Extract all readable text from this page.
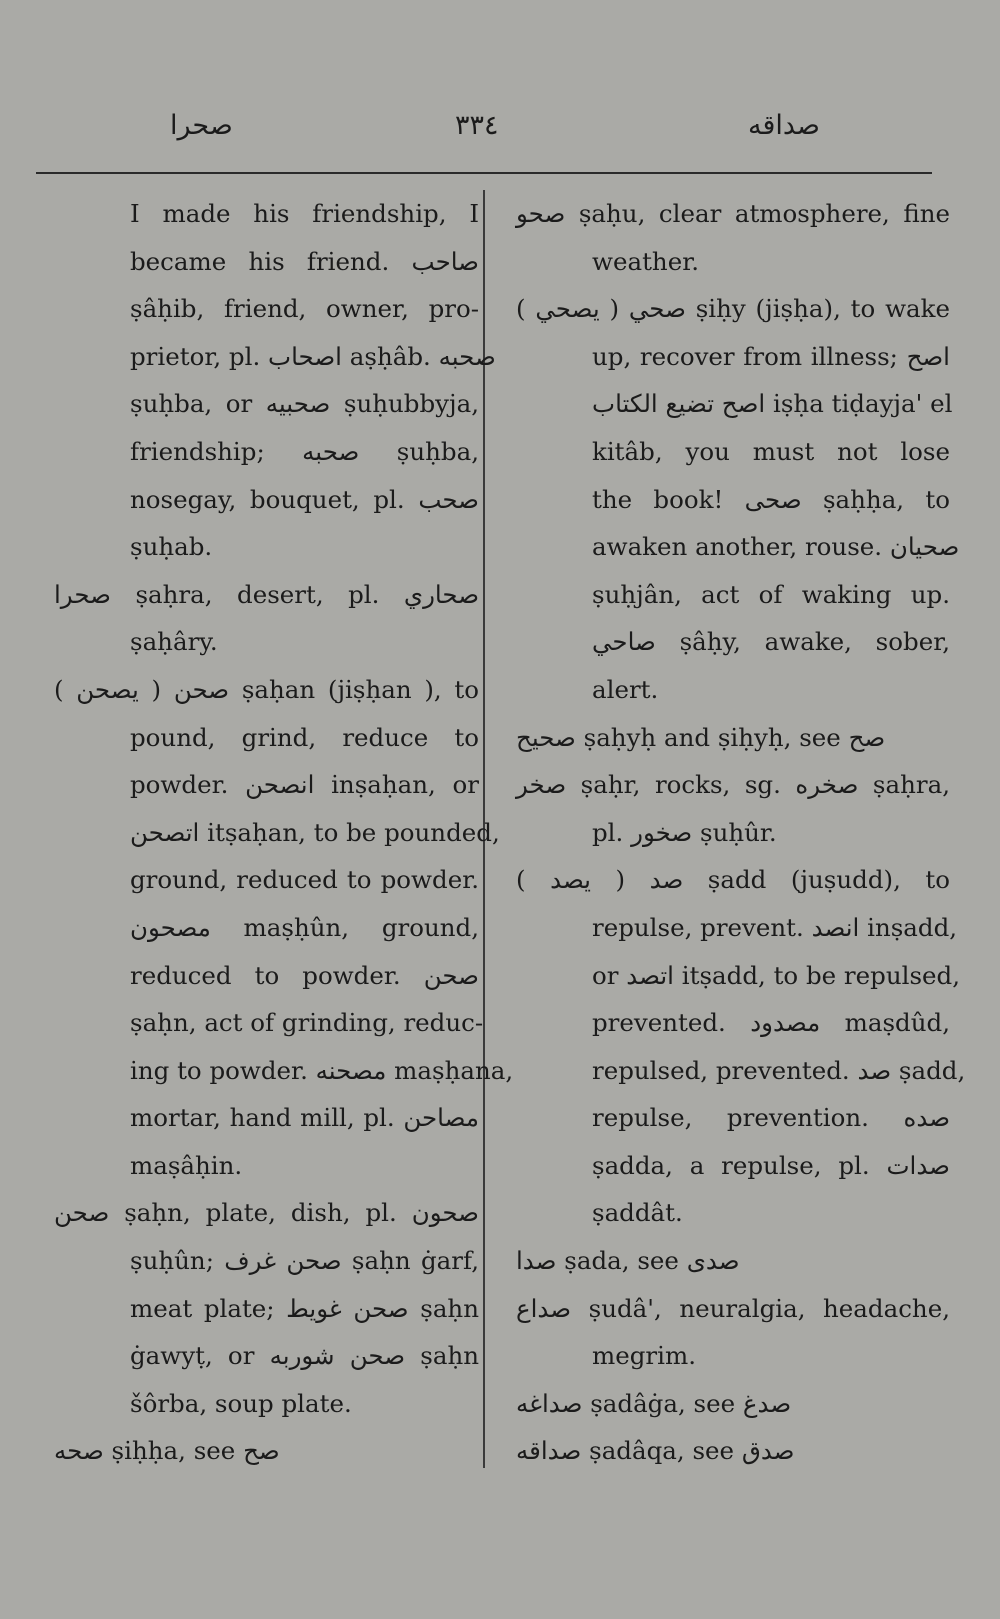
صحرا	٣٣٤	صداقه
I made his friendship, I
became his friend. صاحب
ṣâḥib, friend, owner, pro-
prietor, pl. اصحاب aṣḥâb. صحبه
ṣuḥba, or صحبيه ṣuḥubbyja,
friendship; صحبه ṣuḥba,
nosegay, bouquet, pl. صحب
ṣuḥab.
صحرا ṣaḥra, desert, pl. صحاري
ṣaḥâry.
صحن ( يصحن ) ṣaḥan (jiṣḥan ), to
pound, grind, reduce to
powder. انصحن inṣaḥan, or
اتصحن itṣaḥan, to be pounded,
ground, reduced to powder.
مصحون maṣḥûn, ground,
reduced to powder. صحن
ṣaḥn, act of grinding, reduc-
ing to powder. مصحنه maṣḥana,
mortar, hand mill, pl. مصاحن
maṣâḥin.
صحن ṣaḥn, plate, dish, pl. صحون
ṣuḥûn; صحن غرف ṣaḥn ġarf,
meat plate; صحن غويط ṣaḥn
ġawyṭ, or صحن شوربه ṣaḥn
šôrba, soup plate.
صحه ṣiḥḥa, see صح
صحو ṣaḥu, clear atmosphere, fine
weather.
صحي ( يصحي ) ṣiḥy (jiṣḥa), to wake
up, recover from illness; اصح
اصح تضيع الكتاب iṣḥa tiḍayja' el
kitâb, you must not lose
the book! صحى ṣaḥḥa, to
awaken another, rouse. صحيان
ṣuḥjân, act of waking up.
صاحي ṣâḥy, awake, sober,
alert.
صحيح ṣaḥyḥ and ṣiḥyḥ, see صح
صخر ṣaḥr, rocks, sg. صخره ṣaḥra,
pl. صخور ṣuḥûr.
صد ( يصد ) ṣadd (juṣudd), to
repulse, prevent. انصد inṣadd,
or اتصد itṣadd, to be repulsed,
prevented. مصدود maṣdûd,
repulsed, prevented. صد ṣadd,
repulse, prevention. صده
ṣadda, a repulse, pl. صدات
ṣaddât.
صدا ṣada, see صدى
صداع ṣudâ', neuralgia, headache,
megrim.
صداغه ṣadâġa, see صدغ
صداقه ṣadâqa, see صدق
